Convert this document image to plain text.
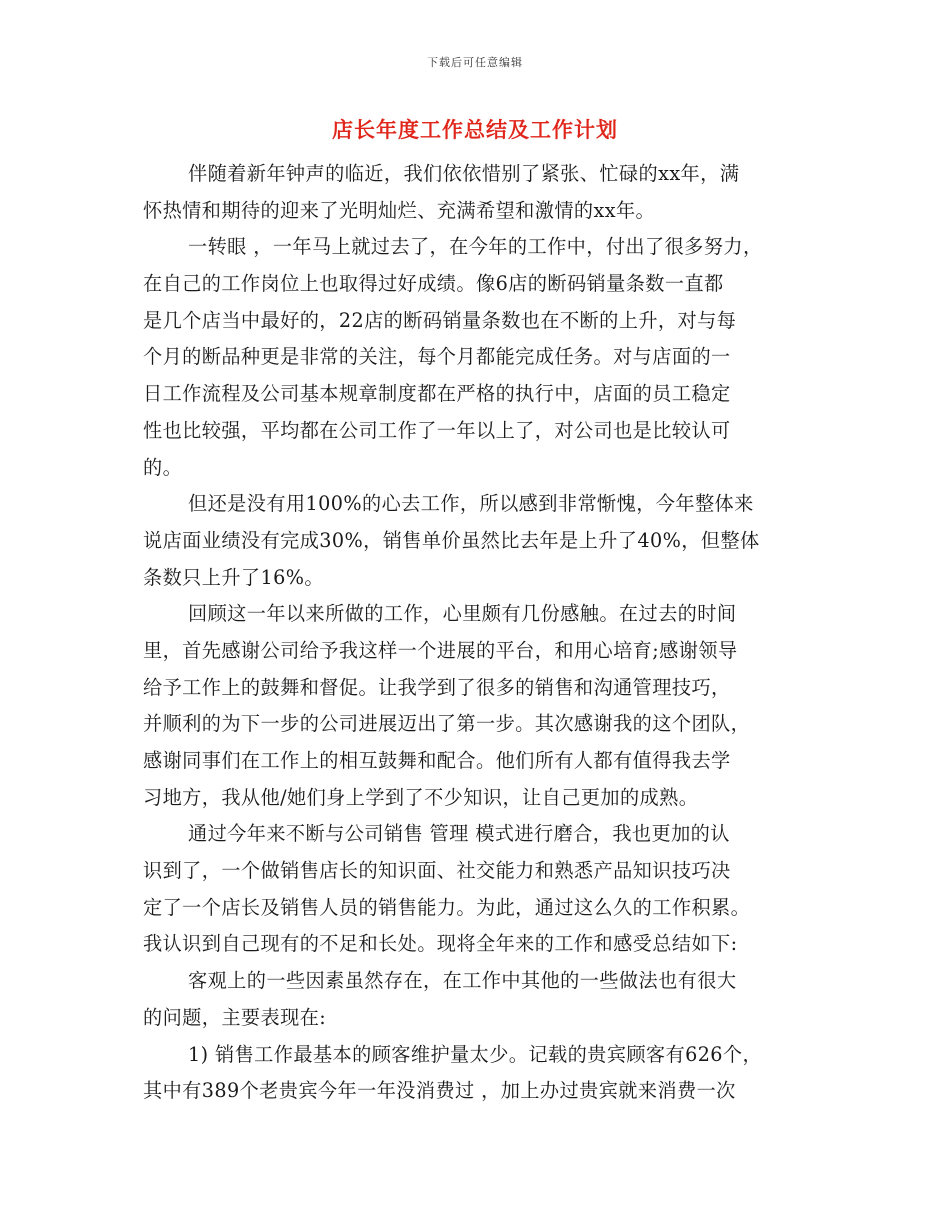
下载后可任意编辑
店长年度工作总结及工作计划
伴随着新年钟声的临近，我们依依惜别了紧张、忙碌的xx年，满
怀热情和期待的迎来了光明灿烂、充满希望和激情的xx年。
一转眼 ，一年马上就过去了，在今年的工作中，付出了很多努力，
在自己的工作岗位上也取得过好成绩。像6店的断码销量条数一直都
是几个店当中最好的，22店的断码销量条数也在不断的上升，对与每
个月的断品种更是非常的关注，每个月都能完成任务。对与店面的一
日工作流程及公司基本规章制度都在严格的执行中，店面的员工稳定
性也比较强，平均都在公司工作了一年以上了，对公司也是比较认可
的。
但还是没有用100%的心去工作，所以感到非常惭愧，今年整体来
说店面业绩没有完成30%，销售单价虽然比去年是上升了40%，但整体
条数只上升了16%。
回顾这一年以来所做的工作，心里颇有几份感触。在过去的时间
里，首先感谢公司给予我这样一个进展的平台，和用心培育;感谢领导
给予工作上的鼓舞和督促。让我学到了很多的销售和沟通管理技巧，
并顺利的为下一步的公司进展迈出了第一步。其次感谢我的这个团队，
感谢同事们在工作上的相互鼓舞和配合。他们所有人都有值得我去学
习地方，我从他/她们身上学到了不少知识，让自己更加的成熟。
通过今年来不断与公司销售 管理 模式进行磨合，我也更加的认
识到了，一个做销售店长的知识面、社交能力和熟悉产品知识技巧决
定了一个店长及销售人员的销售能力。为此，通过这么久的工作积累。
我认识到自己现有的不足和长处。现将全年来的工作和感受总结如下:
客观上的一些因素虽然存在，在工作中其他的一些做法也有很大
的问题，主要表现在:
1) 销售工作最基本的顾客维护量太少。记载的贵宾顾客有626个，
其中有389个老贵宾今年一年没消费过 ，加上办过贵宾就来消费一次
